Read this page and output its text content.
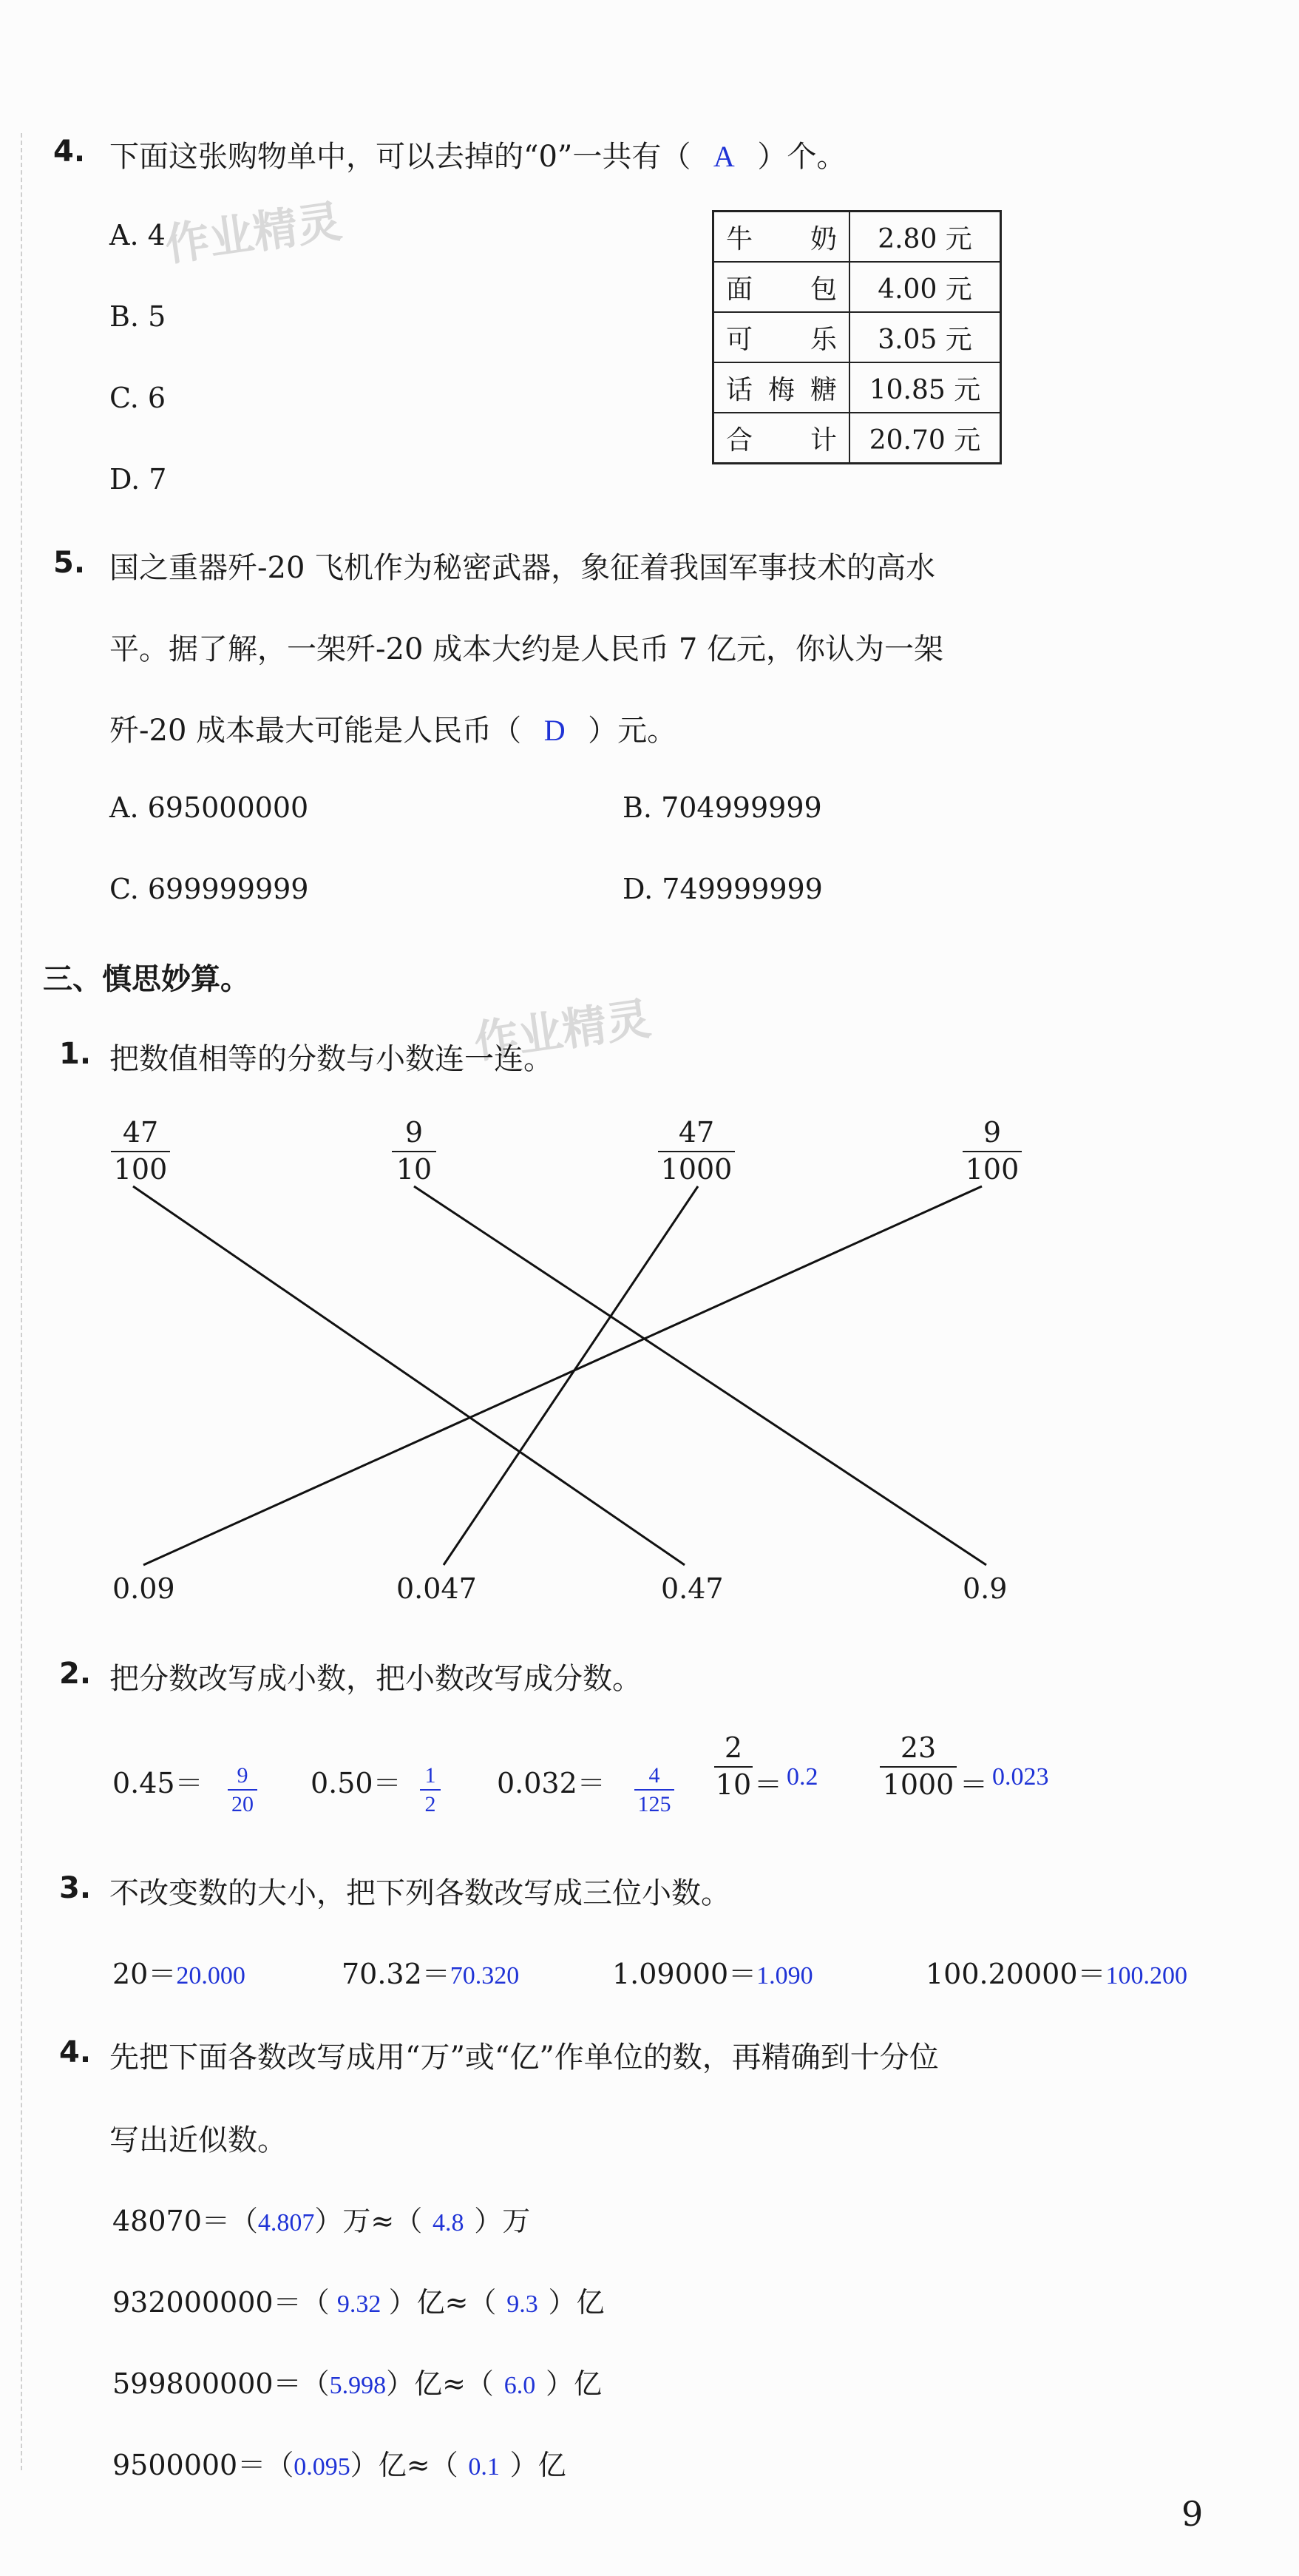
4. 下面这张购物单中，可以去掉的“0”一共有（ A ）个。
A. 4
B. 5
C. 6
D. 7
作业精灵	牛奶	2.80 元
面包	4.00 元
可乐	3.05 元
话梅糖	10.85 元
合计	20.70 元
5. 国之重器歼-20 飞机作为秘密武器，象征着我国军事技术的高水
平。据了解，一架歼-20 成本大约是人民币 7 亿元，你认为一架
歼-20 成本最大可能是人民币（ D ）元。
A. 695000000	B. 704999999
C. 699999999	D. 749999999
三、慎思妙算。
作业精灵
1. 把数值相等的分数与小数连一连。
47
100
9
10
47
1000
9
100
0.09	0.047	0.47	0.9
2. 把分数改写成小数，把小数改写成分数。
0.45＝	9
20
0.50＝ 1
2
0.032＝	4
125
2
10 ＝ 0.2
23
1000 ＝ 0.023
3. 不改变数的大小，把下列各数改写成三位小数。
20＝20.000	70.32＝70.320	1.09000＝1.090	100.20000＝100.200
4. 先把下面各数改写成用“万”或“亿”作单位的数，再精确到十分位
写出近似数。
48070＝（4.807）万≈（ 4.8 ）万
932000000＝（ 9.32 ）亿≈（ 9.3 ）亿
599800000＝（5.998）亿≈（ 6.0 ）亿
9500000＝（0.095）亿≈（ 0.1 ）亿
9
